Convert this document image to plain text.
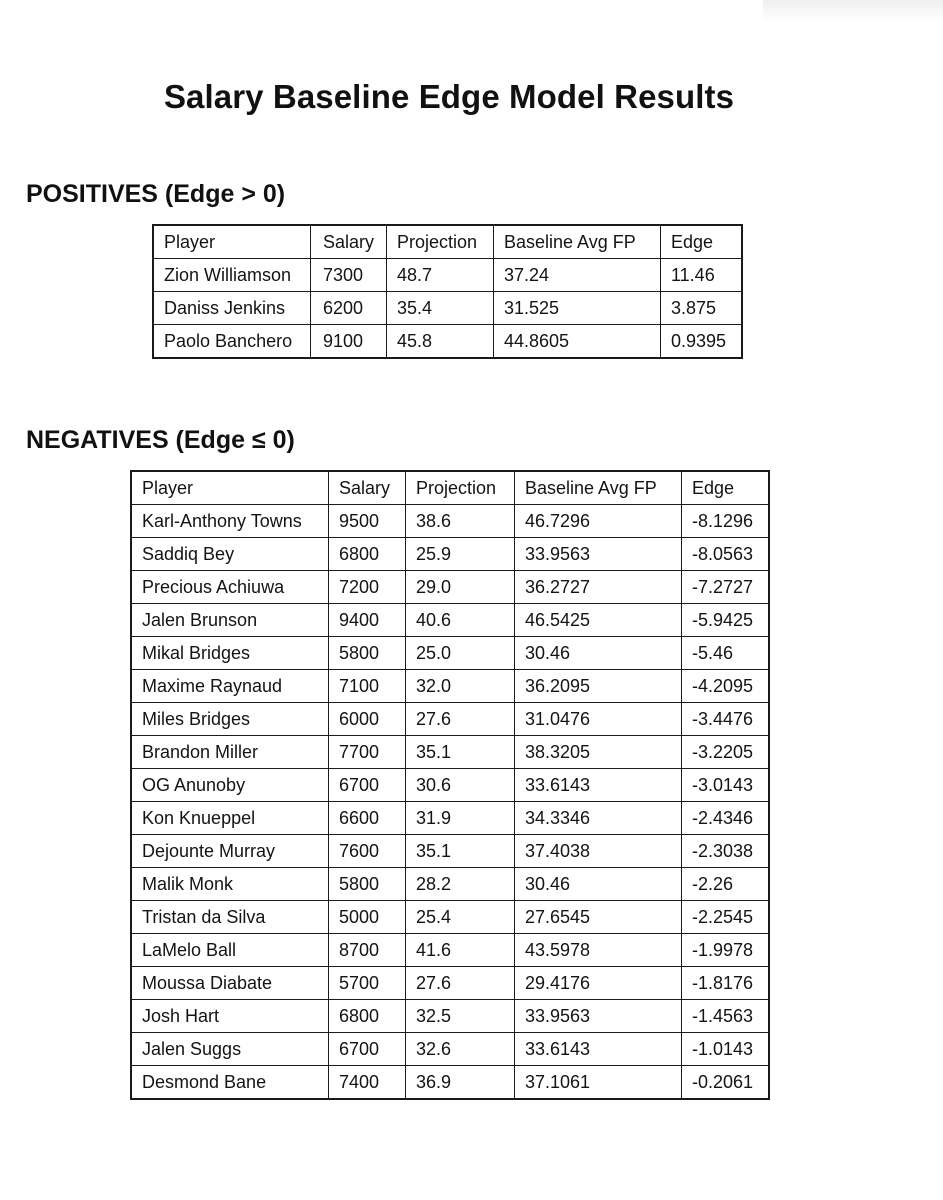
Salary Baseline Edge Model Results
POSITIVES (Edge > 0)
Player	Salary	Projection	Baseline Avg FP	Edge
Zion Williamson	7300	48.7	37.24	11.46
Daniss Jenkins	6200	35.4	31.525	3.875
Paolo Banchero	9100	45.8	44.8605	0.9395
NEGATIVES (Edge ≤ 0)
Player	Salary	Projection	Baseline Avg FP	Edge
Karl-Anthony Towns	9500	38.6	46.7296	-8.1296
Saddiq Bey	6800	25.9	33.9563	-8.0563
Precious Achiuwa	7200	29.0	36.2727	-7.2727
Jalen Brunson	9400	40.6	46.5425	-5.9425
Mikal Bridges	5800	25.0	30.46	-5.46
Maxime Raynaud	7100	32.0	36.2095	-4.2095
Miles Bridges	6000	27.6	31.0476	-3.4476
Brandon Miller	7700	35.1	38.3205	-3.2205
OG Anunoby	6700	30.6	33.6143	-3.0143
Kon Knueppel	6600	31.9	34.3346	-2.4346
Dejounte Murray	7600	35.1	37.4038	-2.3038
Malik Monk	5800	28.2	30.46	-2.26
Tristan da Silva	5000	25.4	27.6545	-2.2545
LaMelo Ball	8700	41.6	43.5978	-1.9978
Moussa Diabate	5700	27.6	29.4176	-1.8176
Josh Hart	6800	32.5	33.9563	-1.4563
Jalen Suggs	6700	32.6	33.6143	-1.0143
Desmond Bane	7400	36.9	37.1061	-0.2061
